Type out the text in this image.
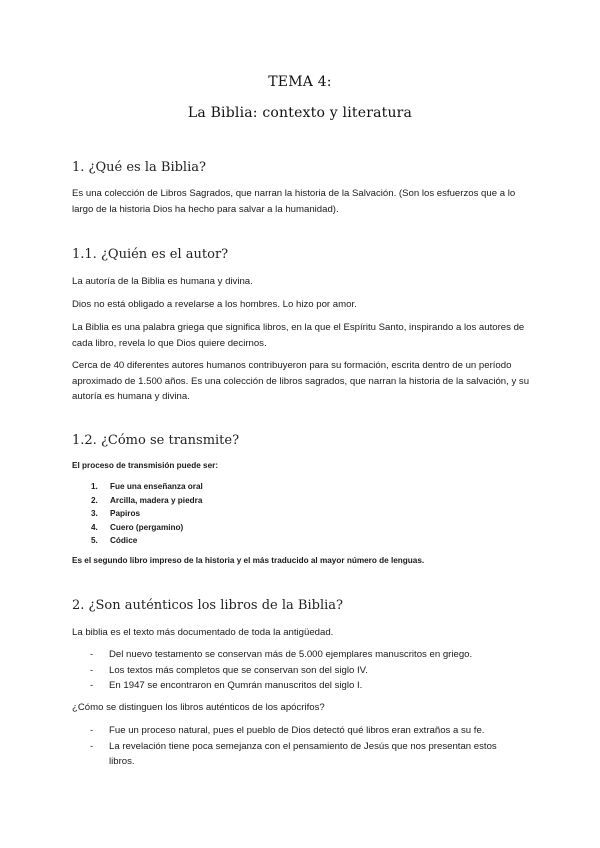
TEMA 4:
La Biblia: contexto y literatura
1. ¿Qué es la Biblia?

Es una colección de Libros Sagrados, que narran la historia de la Salvación. (Son los esfuerzos que a lo largo de la historia Dios ha hecho para salvar a la humanidad).

1.1. ¿Quién es el autor?

La autoría de la Biblia es humana y divina.

Dios no está obligado a revelarse a los hombres. Lo hizo por amor.

La Biblia es una palabra griega que significa libros, en la que el Espíritu Santo, inspirando a los autores de cada libro, revela lo que Dios quiere decirnos.

Cerca de 40 diferentes autores humanos contribuyeron para su formación, escrita dentro de un período aproximado de 1.500 años. Es una colección de libros sagrados, que narran la historia de la salvación, y su autoría es humana y divina.

1.2. ¿Cómo se transmite?

El proceso de transmisión puede ser:

1.	Fue una enseñanza oral
2.	Arcilla, madera y piedra
3.	Papiros
4.	Cuero (pergamino)
5.	Códice

Es el segundo libro impreso de la historia y el más traducido al mayor número de lenguas.

2. ¿Son auténticos los libros de la Biblia?

La biblia es el texto más documentado de toda la antigüedad.

-	Del nuevo testamento se conservan más de 5.000 ejemplares manuscritos en griego.
-	Los textos más completos que se conservan son del siglo IV.
-	En 1947 se encontraron en Qumrán manuscritos del siglo I.

¿Cómo se distinguen los libros auténticos de los apócrifos?

-	Fue un proceso natural, pues el pueblo de Dios detectó qué libros eran extraños a su fe.
-	La revelación tiene poca semejanza con el pensamiento de Jesús que nos presentan estos libros.
